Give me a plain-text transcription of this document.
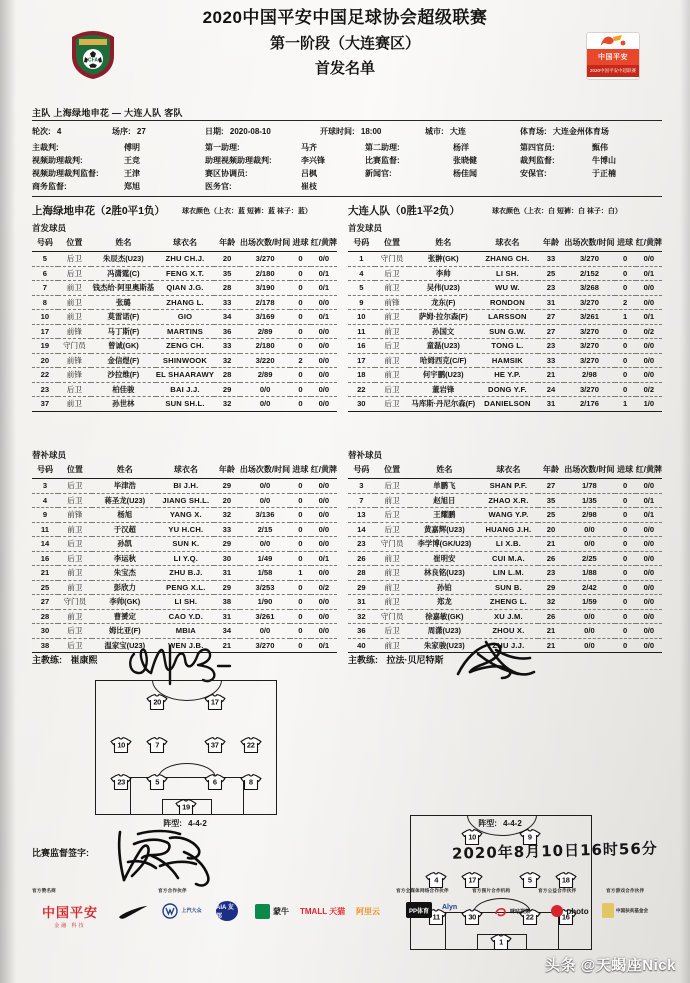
2020中国平安中国足球协会超级联赛
第一阶段（大连赛区）
首发名单
CFA	中国平安
2020中国平安中超联赛
主队 上海绿地申花 — 大连人队 客队
轮次: 4	场序: 27	日期: 2020-08-10	开球时间: 18:00	城市: 大连	体育场: 大连金州体育场
主裁判:	傅明
视频助理裁判:	王竞
视频助理裁判监督:	王津
商务监督:	郑旭
第一助理:	马齐
助理视频助理裁判:	李兴锋
赛区协调员:	吕枫
医务官:	崔枝
第二助理:	杨洋
比赛监督:	张晓健
新闻官:	杨佳闻
第四官员:	甄伟
裁判监督:	牛博山
安保官:	于正楠
上海绿地申花（2胜0平1负） 球衣颜色（上衣：蓝 短裤：蓝 袜子：蓝）
首发球员
大连人队（0胜1平2负）	球衣颜色（上衣：白 短裤：白 袜子：白）
首发球员
号码	位置	姓名	球衣名	年龄	出场次数/时间	进球	红/黄牌
5	后卫	朱辰杰(U23)	ZHU CH.J.	20	3/270	0	0/0
6	后卫	冯潇霆(C)	FENG X.T.	35	2/180	0	0/1
7	前卫	钱杰给·阿里奥斯基	QIAN J.G.	28	3/190	0	0/1
8	前卫	张璐	ZHANG L.	33	2/178	0	0/0
10	前卫	莫雷诺(F)	GIO	34	3/169	0	0/1
17	前锋	马丁斯(F)	MARTINS	36	2/89	0	0/0
19	守门员	曾诚(GK)	ZENG CH.	33	2/180	0	0/0
20	前锋	金信煜(F)	SHINWOOK	32	3/220	2	0/0
22	前锋	沙拉维(F)	EL SHAARAWY	28	2/89	0	0/0
23	后卫	柏佳骏	BAI J.J.	29	0/0	0	0/0
37	前卫	孙世林	SUN SH.L.	32	0/0	0	0/0
号码	位置	姓名	球衣名	年龄	出场次数/时间	进球	红/黄牌
1	守门员	张翀(GK)	ZHANG CH.	33	3/270	0	0/0
4	后卫	李帅	LI SH.	25	2/152	0	0/1
5	前卫	吴伟(U23)	WU W.	23	3/268	0	0/0
9	前锋	龙东(F)	RONDON	31	3/270	2	0/0
10	前卫	萨姆·拉尔森(F)	LARSSON	27	3/261	1	0/1
11	前卫	孙国文	SUN G.W.	27	3/270	0	0/2
16	后卫	童磊(U23)	TONG L.	23	3/270	0	0/0
17	前卫	哈姆西克(C/F)	HAMSIK	33	3/270	0	0/0
18	前卫	何宇鹏(U23)	HE Y.P.	21	2/98	0	0/0
22	后卫	董岩锋	DONG Y.F.	24	3/270	0	0/2
30	后卫	马库斯·丹尼尔森(F)	DANIELSON	31	2/176	1	1/0
替补球员	替补球员
号码	位置	姓名	球衣名	年龄	出场次数/时间	进球	红/黄牌
3	后卫	毕津浩	BI J.H.	29	0/0	0	0/0
4	后卫	蒋圣龙(U23)	JIANG SH.L.	20	0/0	0	0/0
9	前锋	杨旭	YANG X.	32	3/136	0	0/0
11	前卫	于汉超	YU H.CH.	33	2/15	0	0/0
14	后卫	孙凯	SUN K.	29	0/0	0	0/0
16	后卫	李运秋	LI Y.Q.	30	1/49	0	0/1
21	前卫	朱宝杰	ZHU B.J.	31	1/58	1	0/0
25	前卫	彭欣力	PENG X.L.	29	3/253	0	0/2
27	守门员	李帅(GK)	LI SH.	38	1/90	0	0/0
28	前卫	曹赟定	CAO Y.D.	31	3/261	0	0/0
30	后卫	姆比亚(F)	MBIA	34	0/0	0	0/0
38	后卫	温家宝(U23)	WEN J.B.	21	3/270	0	0/1
号码	位置	姓名	球衣名	年龄	出场次数/时间	进球	红/黄牌
3	后卫	单鹏飞	SHAN P.F.	27	1/78	0	0/0
7	前卫	赵旭日	ZHAO X.R.	35	1/35	0	0/1
13	后卫	王耀鹏	WANG Y.P.	25	2/98	0	0/1
14	后卫	黄嘉辉(U23)	HUANG J.H.	20	0/0	0	0/0
23	守门员	李学博(GK/U23)	LI X.B.	21	0/0	0	0/0
26	前卫	崔明安	CUI M.A.	26	2/25	0	0/0
28	前卫	林良铭(U23)	LIN L.M.	23	1/88	0	0/0
29	前卫	孙铂	SUN B.	29	2/42	0	0/0
31	前卫	郑龙	ZHENG L.	32	1/59	0	0/0
32	守门员	徐嘉敏(GK)	XU J.M.	26	0/0	0	0/0
36	后卫	周潇(U23)	ZHOU X.	21	0/0	0	0/0
40	前卫	朱家骏(U23)	ZHU J.J.	21	0/0	0	0/0
主教练: 崔康熙	主教练: 拉法·贝尼特斯
20	17
10	7	37	22
23	5	6	8
19
阵型: 4-4-2
10	9
4	17	5	18
11	30	22	16
1
阵型: 4-4-2
比赛监督签字:	2020年8月10日16时56分
官方赞名商	官方合作伙伴	官方全媒体网络合作伙伴	官方图片合作机构	官方公益合作伙伴	官方游戏合作伙伴
中国平安
金融 科技
上汽大众 AIA 友邦
蒙牛 TMALL 天猫 阿里云	PP体育
Alyn
咪咕视频	photo	中国扶贫基金会
头条 @天蝎座Nick
